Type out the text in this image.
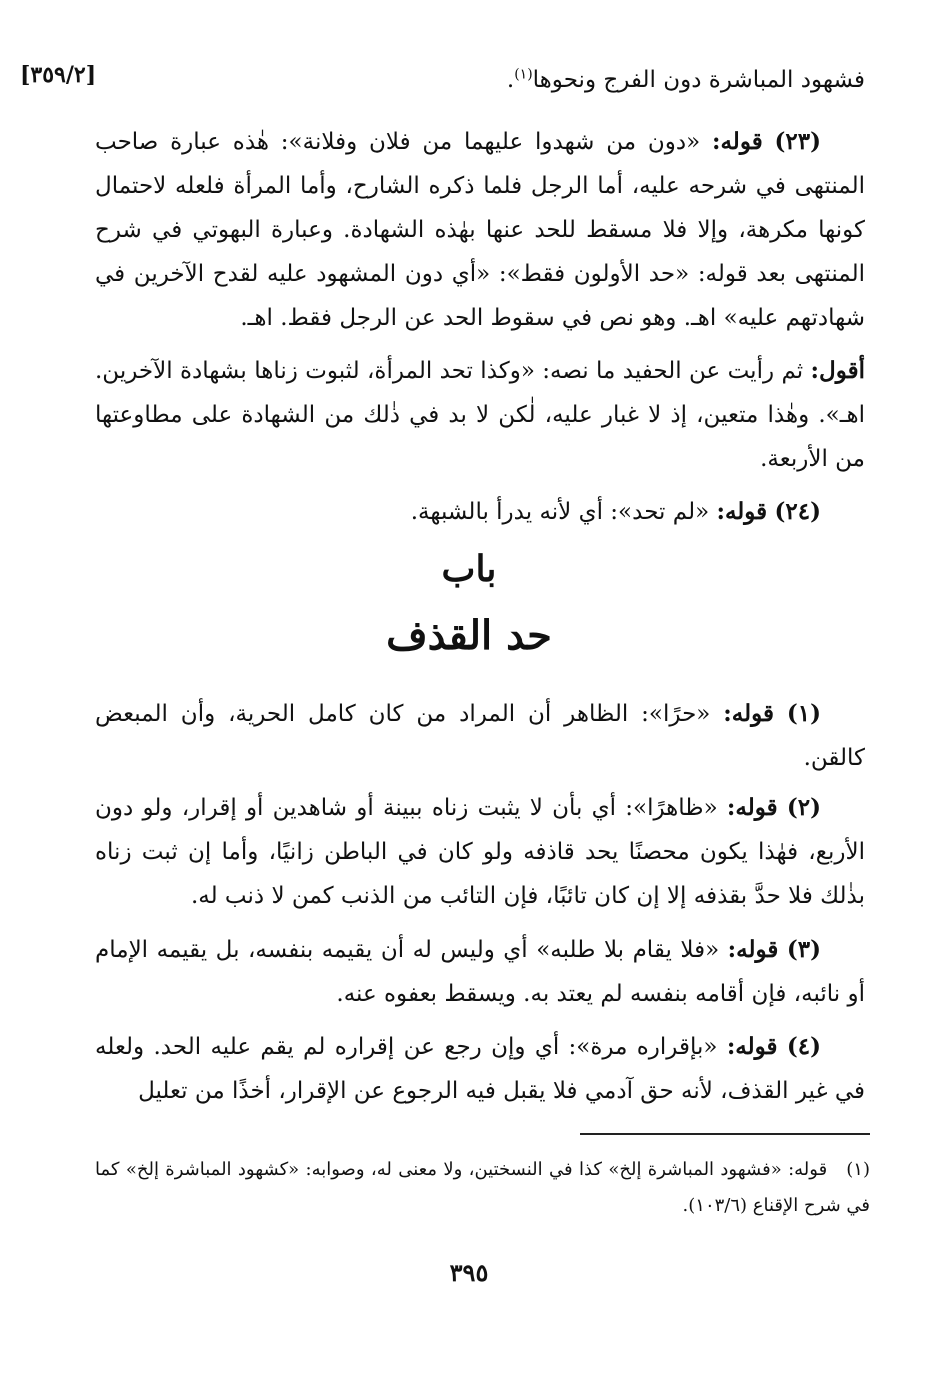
[٣٥٩/٢]	فشهود المباشرة دون الفرج ونحوها$^{(١)}$.
(٢٣) قوله: «دون من شهدوا عليهما من فلان وفلانة»: هٰذه عبارة صاحب المنتهى في شرحه عليه، أما الرجل فلما ذكره الشارح، وأما المرأة فلعله لاحتمال كونها مكرهة، وإلا فلا مسقط للحد عنها بهٰذه الشهادة. وعبارة البهوتي في شرح المنتهى بعد قوله: «حد الأولون فقط»: «أي دون المشهود عليه لقدح الآخرين في شهادتهم عليه» اهـ. وهو نص في سقوط الحد عن الرجل فقط. اهـ.
أقول: ثم رأيت عن الحفيد ما نصه: «وكذا تحد المرأة، لثبوت زناها بشهادة الآخرين. اهـ». وهٰذا متعين، إذ لا غبار عليه، لٰكن لا بد في ذٰلك من الشهادة على مطاوعتها من الأربعة.
(٢٤) قوله: «لم تحد»: أي لأنه يدرأ بالشبهة.
باب
حد القذف
(١) قوله: «حرًا»: الظاهر أن المراد من كان كامل الحرية، وأن المبعض كالقن.
(٢) قوله: «ظاهرًا»: أي بأن لا يثبت زناه ببينة أو شاهدين أو إقرار، ولو دون الأربع، فهٰذا يكون محصنًا يحد قاذفه ولو كان في الباطن زانيًا، وأما إن ثبت زناه بذٰلك فلا حدَّ بقذفه إلا إن كان تائبًا، فإن التائب من الذنب كمن لا ذنب له.
(٣) قوله: «فلا يقام بلا طلبه» أي وليس له أن يقيمه بنفسه، بل يقيمه الإمام أو نائبه، فإن أقامه بنفسه لم يعتد به. ويسقط بعفوه عنه.
(٤) قوله: «بإقراره مرة»: أي وإن رجع عن إقراره لم يقم عليه الحد. ولعله في غير القذف، لأنه حق آدمي فلا يقبل فيه الرجوع عن الإقرار، أخذًا من تعليل
(١)   قوله: «فشهود المباشرة إلخ» كذا في النسختين، ولا معنى له، وصوابه: «كشهود المباشرة إلخ» كما في شرح الإقناع (١٠٣/٦).
٣٩٥
